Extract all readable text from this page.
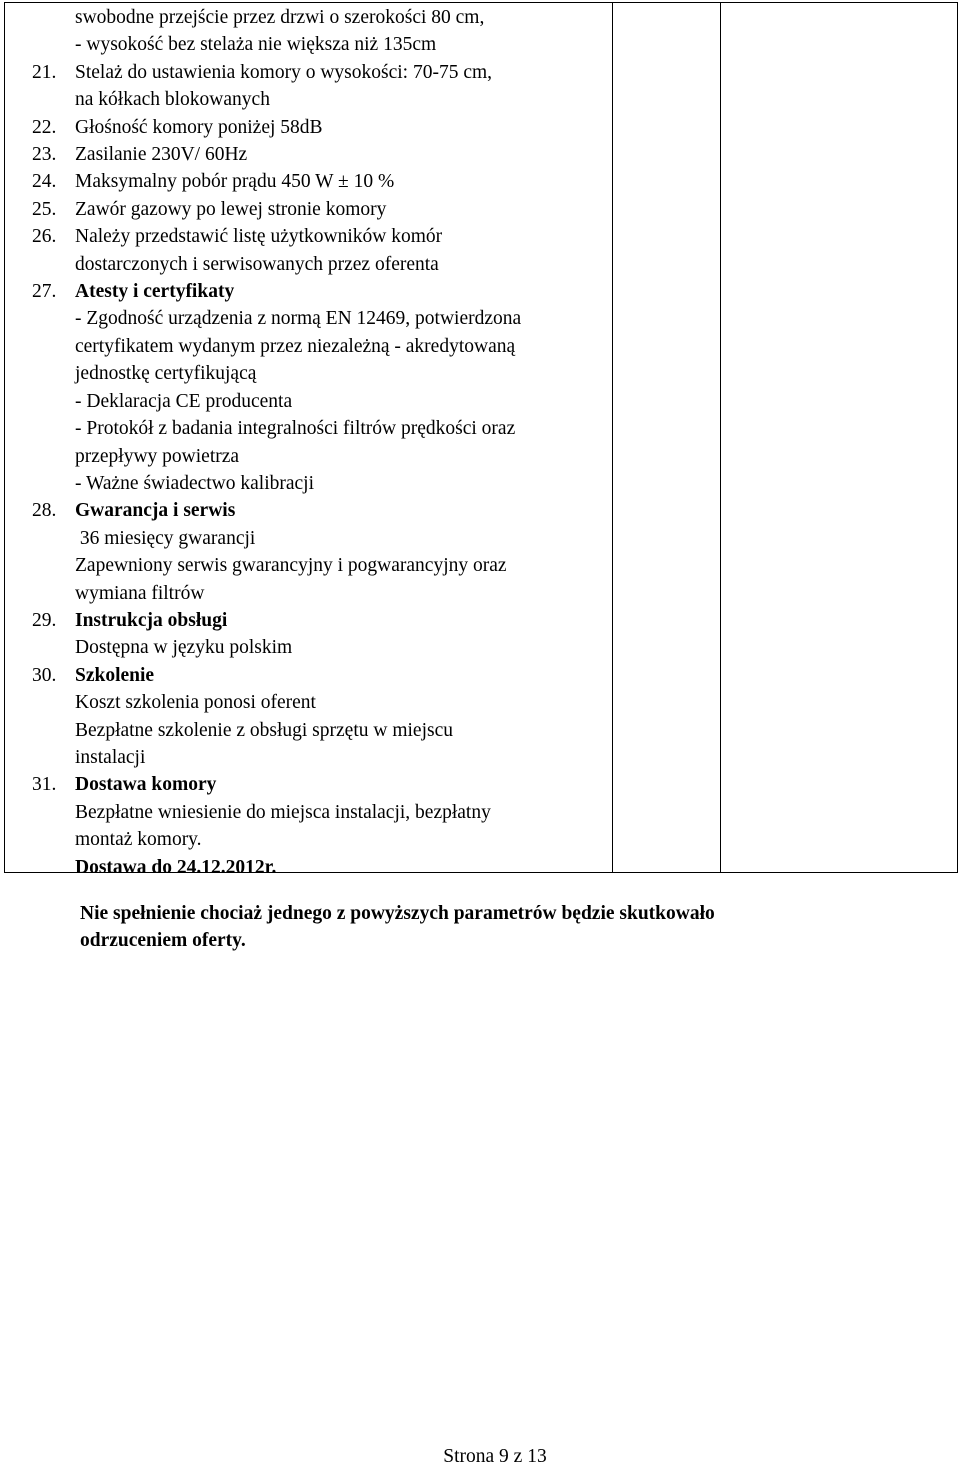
swobodne przejście przez drzwi o szerokości 80 cm,
- wysokość bez stelaża nie większa niż 135cm
21. Stelaż do ustawienia komory o wysokości: 70-75 cm,
na kółkach blokowanych
22. Głośność komory poniżej 58dB
23. Zasilanie 230V/ 60Hz
24. Maksymalny pobór prądu 450 W ± 10 %
25. Zawór gazowy po lewej stronie komory
26. Należy przedstawić listę użytkowników komór
dostarczonych i serwisowanych przez oferenta
27. Atesty i certyfikaty
- Zgodność urządzenia z normą EN 12469, potwierdzona
certyfikatem wydanym przez niezależną - akredytowaną
jednostkę certyfikującą
- Deklaracja CE producenta
- Protokół z badania integralności filtrów prędkości oraz
przepływy powietrza
- Ważne świadectwo kalibracji
28. Gwarancja i serwis
36 miesięcy gwarancji
Zapewniony serwis gwarancyjny i pogwarancyjny oraz
wymiana filtrów
29. Instrukcja obsługi
Dostępna w języku polskim
30. Szkolenie
Koszt szkolenia ponosi oferent
Bezpłatne szkolenie z obsługi sprzętu w miejscu
instalacji
31. Dostawa komory
Bezpłatne wniesienie do miejsca instalacji, bezpłatny
montaż komory.
Dostawa do 24.12.2012r.
Nie spełnienie chociaż jednego z powyższych parametrów będzie skutkowało
odrzuceniem oferty.
Strona 9 z 13
